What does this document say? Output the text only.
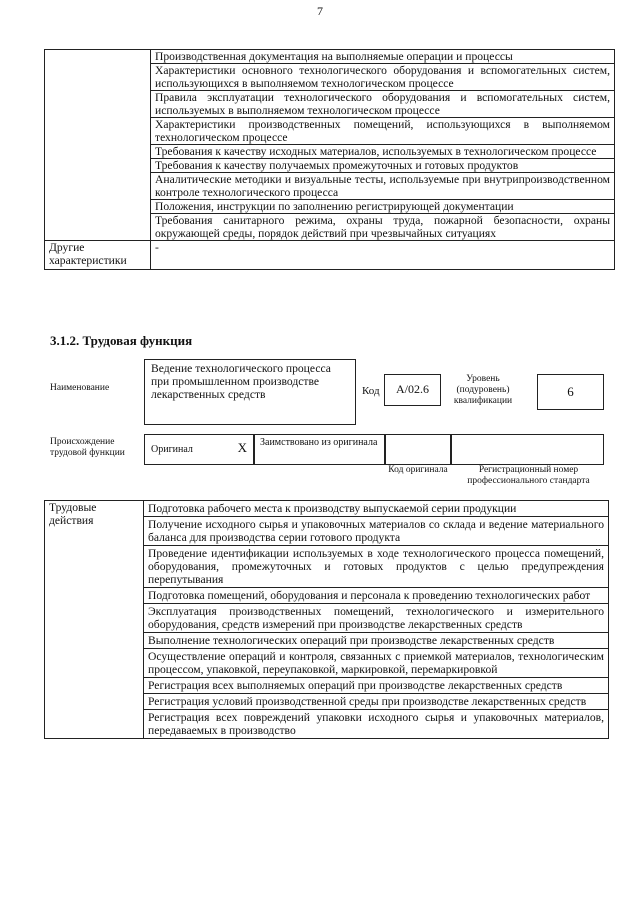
7
	Производственная документация на выполняемые операции и процессы
	Характеристики основного технологического оборудования и вспомогательных систем, использующихся в выполняемом технологическом процессе
	Правила эксплуатации технологического оборудования и вспомогательных систем, используемых в выполняемом технологическом процессе
	Характеристики производственных помещений, использующихся в выполняемом технологическом процессе
	Требования к качеству исходных материалов, используемых в технологическом процессе
	Требования к качеству получаемых промежуточных и готовых продуктов
	Аналитические методики и визуальные тесты, используемые при внутрипроизводственном контроле технологического процесса
	Положения, инструкции по заполнению регистрирующей документации
	Требования санитарного режима, охраны труда, пожарной безопасности, охраны окружающей среды, порядок действий при чрезвычайных ситуациях
Другие характеристики	-
3.1.2. Трудовая функция
Наименование
Ведение технологического процесса при промышленном производстве лекарственных средств	Код	А/02.6
Уровень (подуровень) квалификации
6
Происхождение трудовой функции	Оригинал	X	Заимствовано из оригинала
Код оригинала	Регистрационный номер профессионального стандарта
Трудовые действия	Подготовка рабочего места к производству выпускаемой серии продукции
Получение исходного сырья и упаковочных материалов со склада и ведение материального баланса для производства серии готового продукта
Проведение идентификации используемых в ходе технологического процесса помещений, оборудования, промежуточных и готовых продуктов с целью предупреждения перепутывания
Подготовка помещений, оборудования и персонала к проведению технологических работ
Эксплуатация производственных помещений, технологического и измерительного оборудования, средств измерений при производстве лекарственных средств
Выполнение технологических операций при производстве лекарственных средств
Осуществление операций и контроля, связанных с приемкой материалов, технологическим процессом, упаковкой, переупаковкой, маркировкой, перемаркировкой
Регистрация всех выполняемых операций при производстве лекарственных средств
Регистрация условий производственной среды при производстве лекарственных средств
Регистрация всех повреждений упаковки исходного сырья и упаковочных материалов, передаваемых в производство
